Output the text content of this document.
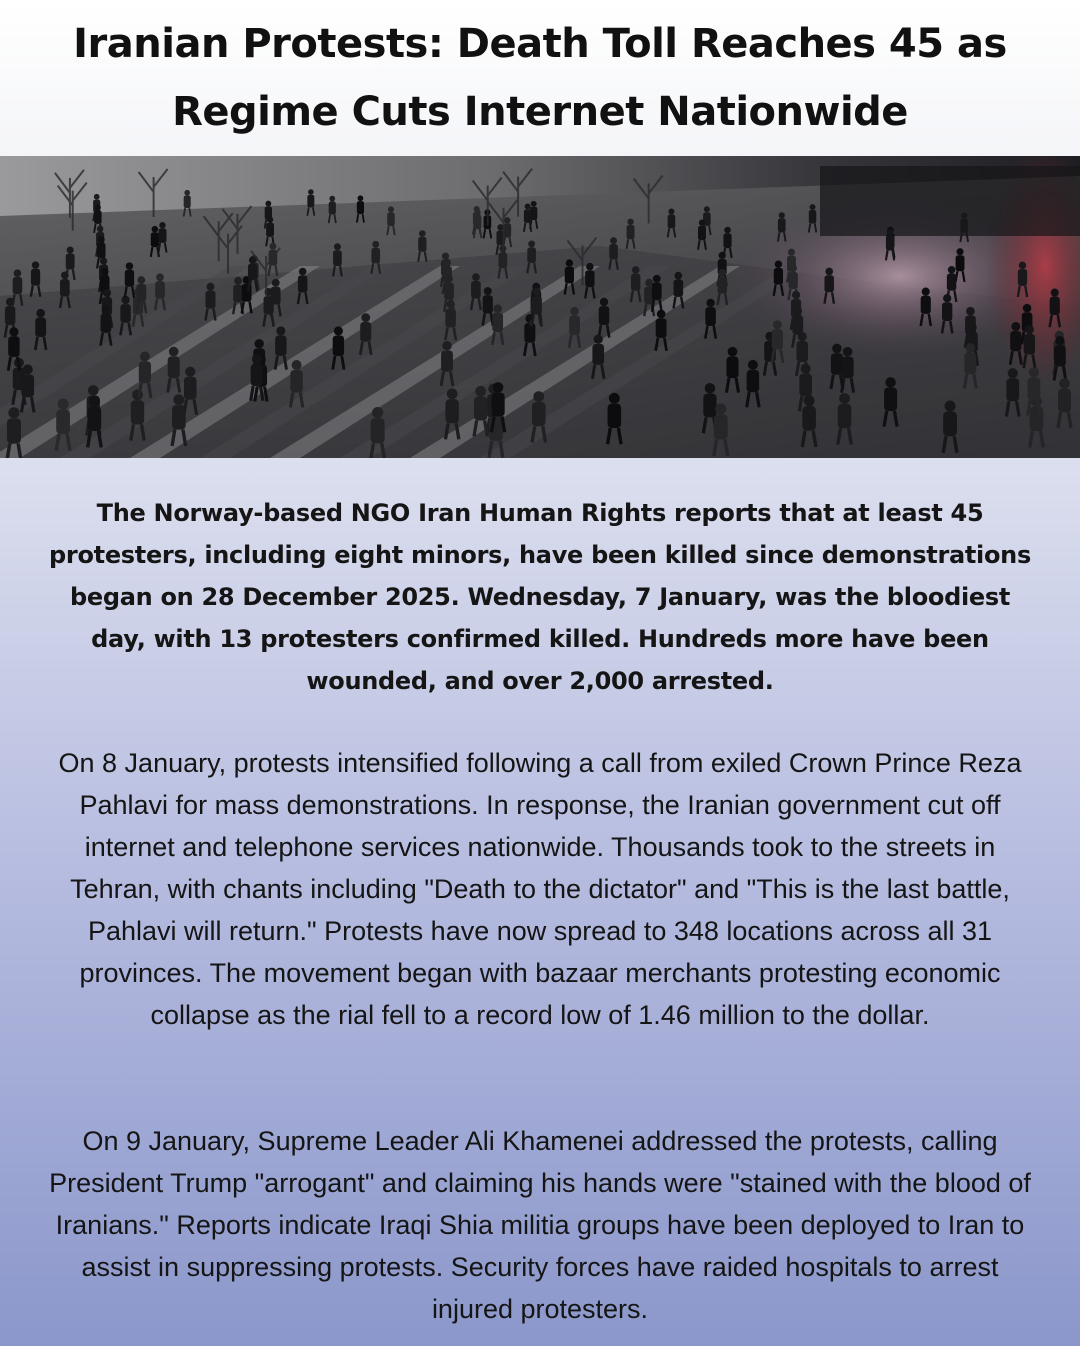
Iranian Protests: Death Toll Reaches 45 as Regime Cuts Internet Nationwide

The Norway-based NGO Iran Human Rights reports that at least 45 protesters, including eight minors, have been killed since demonstrations began on 28 December 2025. Wednesday, 7 January, was the bloodiest day, with 13 protesters confirmed killed. Hundreds more have been wounded, and over 2,000 arrested.

On 8 January, protests intensified following a call from exiled Crown Prince Reza Pahlavi for mass demonstrations. In response, the Iranian government cut off internet and telephone services nationwide. Thousands took to the streets in Tehran, with chants including "Death to the dictator" and "This is the last battle, Pahlavi will return." Protests have now spread to 348 locations across all 31 provinces. The movement began with bazaar merchants protesting economic collapse as the rial fell to a record low of 1.46 million to the dollar.

On 9 January, Supreme Leader Ali Khamenei addressed the protests, calling President Trump "arrogant" and claiming his hands were "stained with the blood of Iranians." Reports indicate Iraqi Shia militia groups have been deployed to Iran to assist in suppressing protests. Security forces have raided hospitals to arrest injured protesters.
